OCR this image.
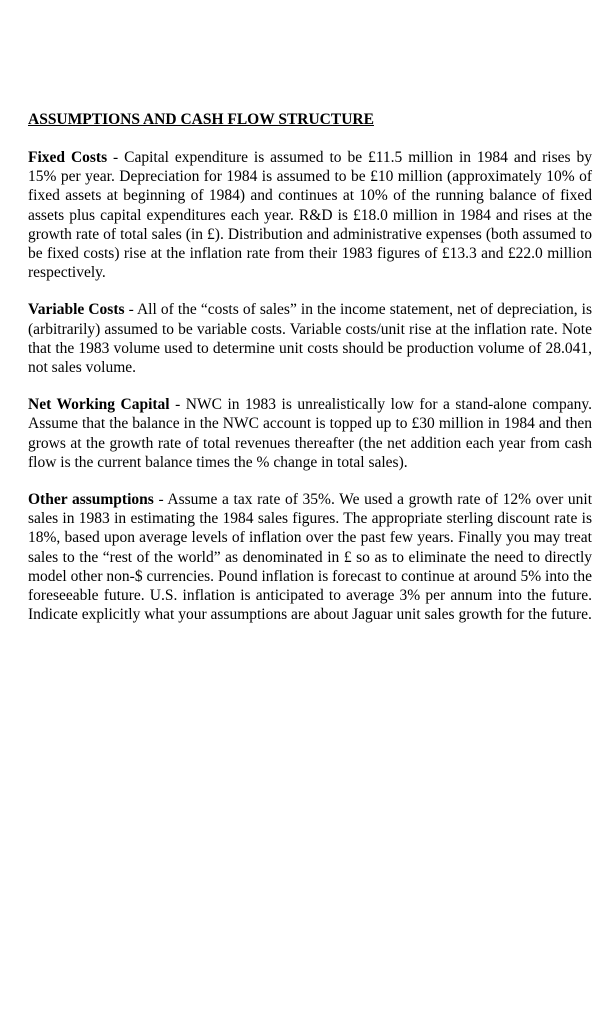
ASSUMPTIONS AND CASH FLOW STRUCTURE

Fixed Costs - Capital expenditure is assumed to be £11.5 million in 1984 and rises by 15% per year. Depreciation for 1984 is assumed to be £10 million (approximately 10% of fixed assets at beginning of 1984) and continues at 10% of the running balance of fixed assets plus capital expenditures each year. R&D is £18.0 million in 1984 and rises at the growth rate of total sales (in £). Distribution and administrative expenses (both assumed to be fixed costs) rise at the inflation rate from their 1983 figures of £13.3 and £22.0 million respectively.

Variable Costs - All of the “costs of sales” in the income statement, net of depreciation, is (arbitrarily) assumed to be variable costs. Variable costs/unit rise at the inflation rate. Note that the 1983 volume used to determine unit costs should be production volume of 28.041, not sales volume.

Net Working Capital - NWC in 1983 is unrealistically low for a stand-alone company. Assume that the balance in the NWC account is topped up to £30 million in 1984 and then grows at the growth rate of total revenues thereafter (the net addition each year from cash flow is the current balance times the % change in total sales).

Other assumptions - Assume a tax rate of 35%. We used a growth rate of 12% over unit sales in 1983 in estimating the 1984 sales figures. The appropriate sterling discount rate is 18%, based upon average levels of inflation over the past few years. Finally you may treat sales to the “rest of the world” as denominated in £ so as to eliminate the need to directly model other non-$ currencies. Pound inflation is forecast to continue at around 5% into the foreseeable future. U.S. inflation is anticipated to average 3% per annum into the future. Indicate explicitly what your assumptions are about Jaguar unit sales growth for the future.
